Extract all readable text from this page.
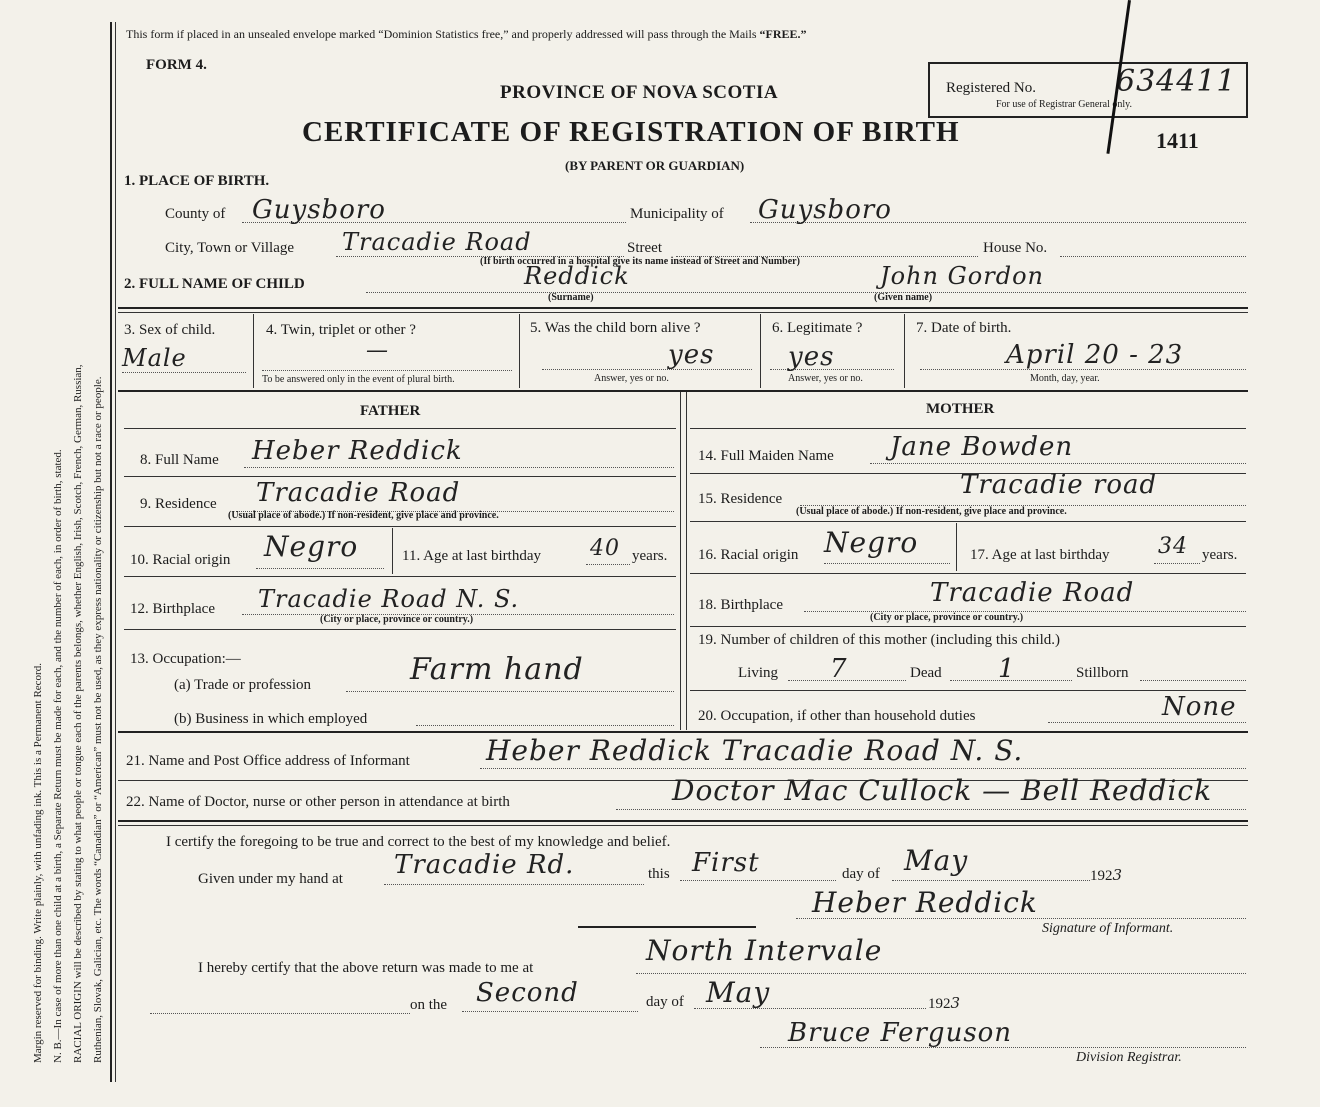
Margin reserved for binding. Write plainly, with unfading ink. This is a Permanent Record. N. B.—In case of more than one child at a birth, a Separate Return must be made for each, and the number of each, in order of birth, stated. RACIAL ORIGIN will be described by stating to what people or tongue each of the parents belongs, whether English, Irish, Scotch, French, German, Russian, Ruthenian, Slovak, Galician, etc. The words “Canadian” or “American” must not be used, as they express nationality or citizenship but not a race or people.
This form if placed in an unsealed envelope marked “Dominion Statistics free,” and properly addressed will pass through the Mails “FREE.”
FORM 4.
PROVINCE OF NOVA SCOTIA
CERTIFICATE OF REGISTRATION OF BIRTH
(BY PARENT OR GUARDIAN)
Registered No.	634411
For use of Registrar General only.
1411
1. PLACE OF BIRTH.
County of Guysboro	Municipality of Guysboro
City, Town or Village Tracadie Road	Street
(If birth occurred in a hospital give its name instead of Street and Number)
House No.
2. FULL NAME OF CHILD	Reddick
(Surname)
John Gordon
(Given name)
3. Sex of child.
Male
4. Twin, triplet or other ?
—
To be answered only in the event of plural birth.
5. Was the child born alive ?
yes
Answer, yes or no.
6. Legitimate ?
yes
Answer, yes or no.
7. Date of birth.
April 20 - 23
Month, day, year.
FATHER
8. Full Name Heber Reddick
9. Residence Tracadie Road
(Usual place of abode.) If non-resident, give place and province.
10. Racial origin Negro	11. Age at last birthday 40 years.
12. Birthplace Tracadie Road N. S.
(City or place, province or country.)
13. Occupation:—
(a) Trade or profession	Farm hand
(b) Business in which employed
MOTHER
14. Full Maiden Name Jane Bowden
15. Residence	Tracadie road
(Usual place of abode.) If non-resident, give place and province.
16. Racial origin Negro	17. Age at last birthday 34 years.
18. Birthplace	Tracadie Road
(City or place, province or country.)
19. Number of children of this mother (including this child.)
Living 7	Dead 1	Stillborn
20. Occupation, if other than household duties	None
21. Name and Post Office address of Informant	Heber Reddick Tracadie Road N. S.
22. Name of Doctor, nurse or other person in attendance at birth	Doctor Mac Cullock — Bell Reddick
I certify the foregoing to be true and correct to the best of my knowledge and belief.
Given under my hand at Tracadie Rd.	this First	day of May	1923
Heber Reddick
Signature of Informant.
I hereby certify that the above return was made to me at
North Intervale
on the Second	day of May	1923
Bruce Ferguson
Division Registrar.
